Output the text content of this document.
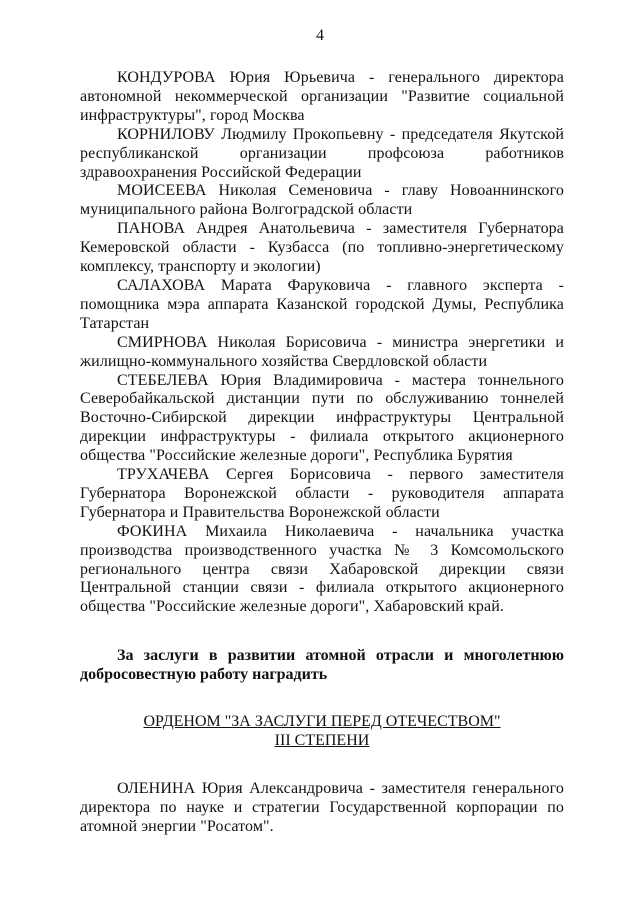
4

КОНДУРОВА Юрия Юрьевича - генерального директора автономной некоммерческой организации "Развитие социальной инфраструктуры", город Москва

КОРНИЛОВУ Людмилу Прокопьевну - председателя Якутской республиканской организации профсоюза работников здравоохранения Российской Федерации

МОИСЕЕВА Николая Семеновича - главу Новоаннинского муниципального района Волгоградской области

ПАНОВА Андрея Анатольевича - заместителя Губернатора Кемеровской области - Кузбасса (по топливно-энергетическому комплексу, транспорту и экологии)

САЛАХОВА Марата Фаруковича - главного эксперта - помощника мэра аппарата Казанской городской Думы, Республика Татарстан

СМИРНОВА Николая Борисовича - министра энергетики и жилищно-коммунального хозяйства Свердловской области

СТЕБЕЛЕВА Юрия Владимировича - мастера тоннельного Северобайкальской дистанции пути по обслуживанию тоннелей Восточно-Сибирской дирекции инфраструктуры Центральной дирекции инфраструктуры - филиала открытого акционерного общества "Российские железные дороги", Республика Бурятия

ТРУХАЧЕВА Сергея Борисовича - первого заместителя Губернатора Воронежской области - руководителя аппарата Губернатора и Правительства Воронежской области

ФОКИНА Михаила Николаевича - начальника участка производства производственного участка № 3 Комсомольского регионального центра связи Хабаровской дирекции связи Центральной станции связи - филиала открытого акционерного общества "Российские железные дороги", Хабаровский край.

За заслуги в развитии атомной отрасли и многолетнюю добросовестную работу наградить

ОРДЕНОМ "ЗА ЗАСЛУГИ ПЕРЕД ОТЕЧЕСТВОМ"
III СТЕПЕНИ

ОЛЕНИНА Юрия Александровича - заместителя генерального директора по науке и стратегии Государственной корпорации по атомной энергии "Росатом".
